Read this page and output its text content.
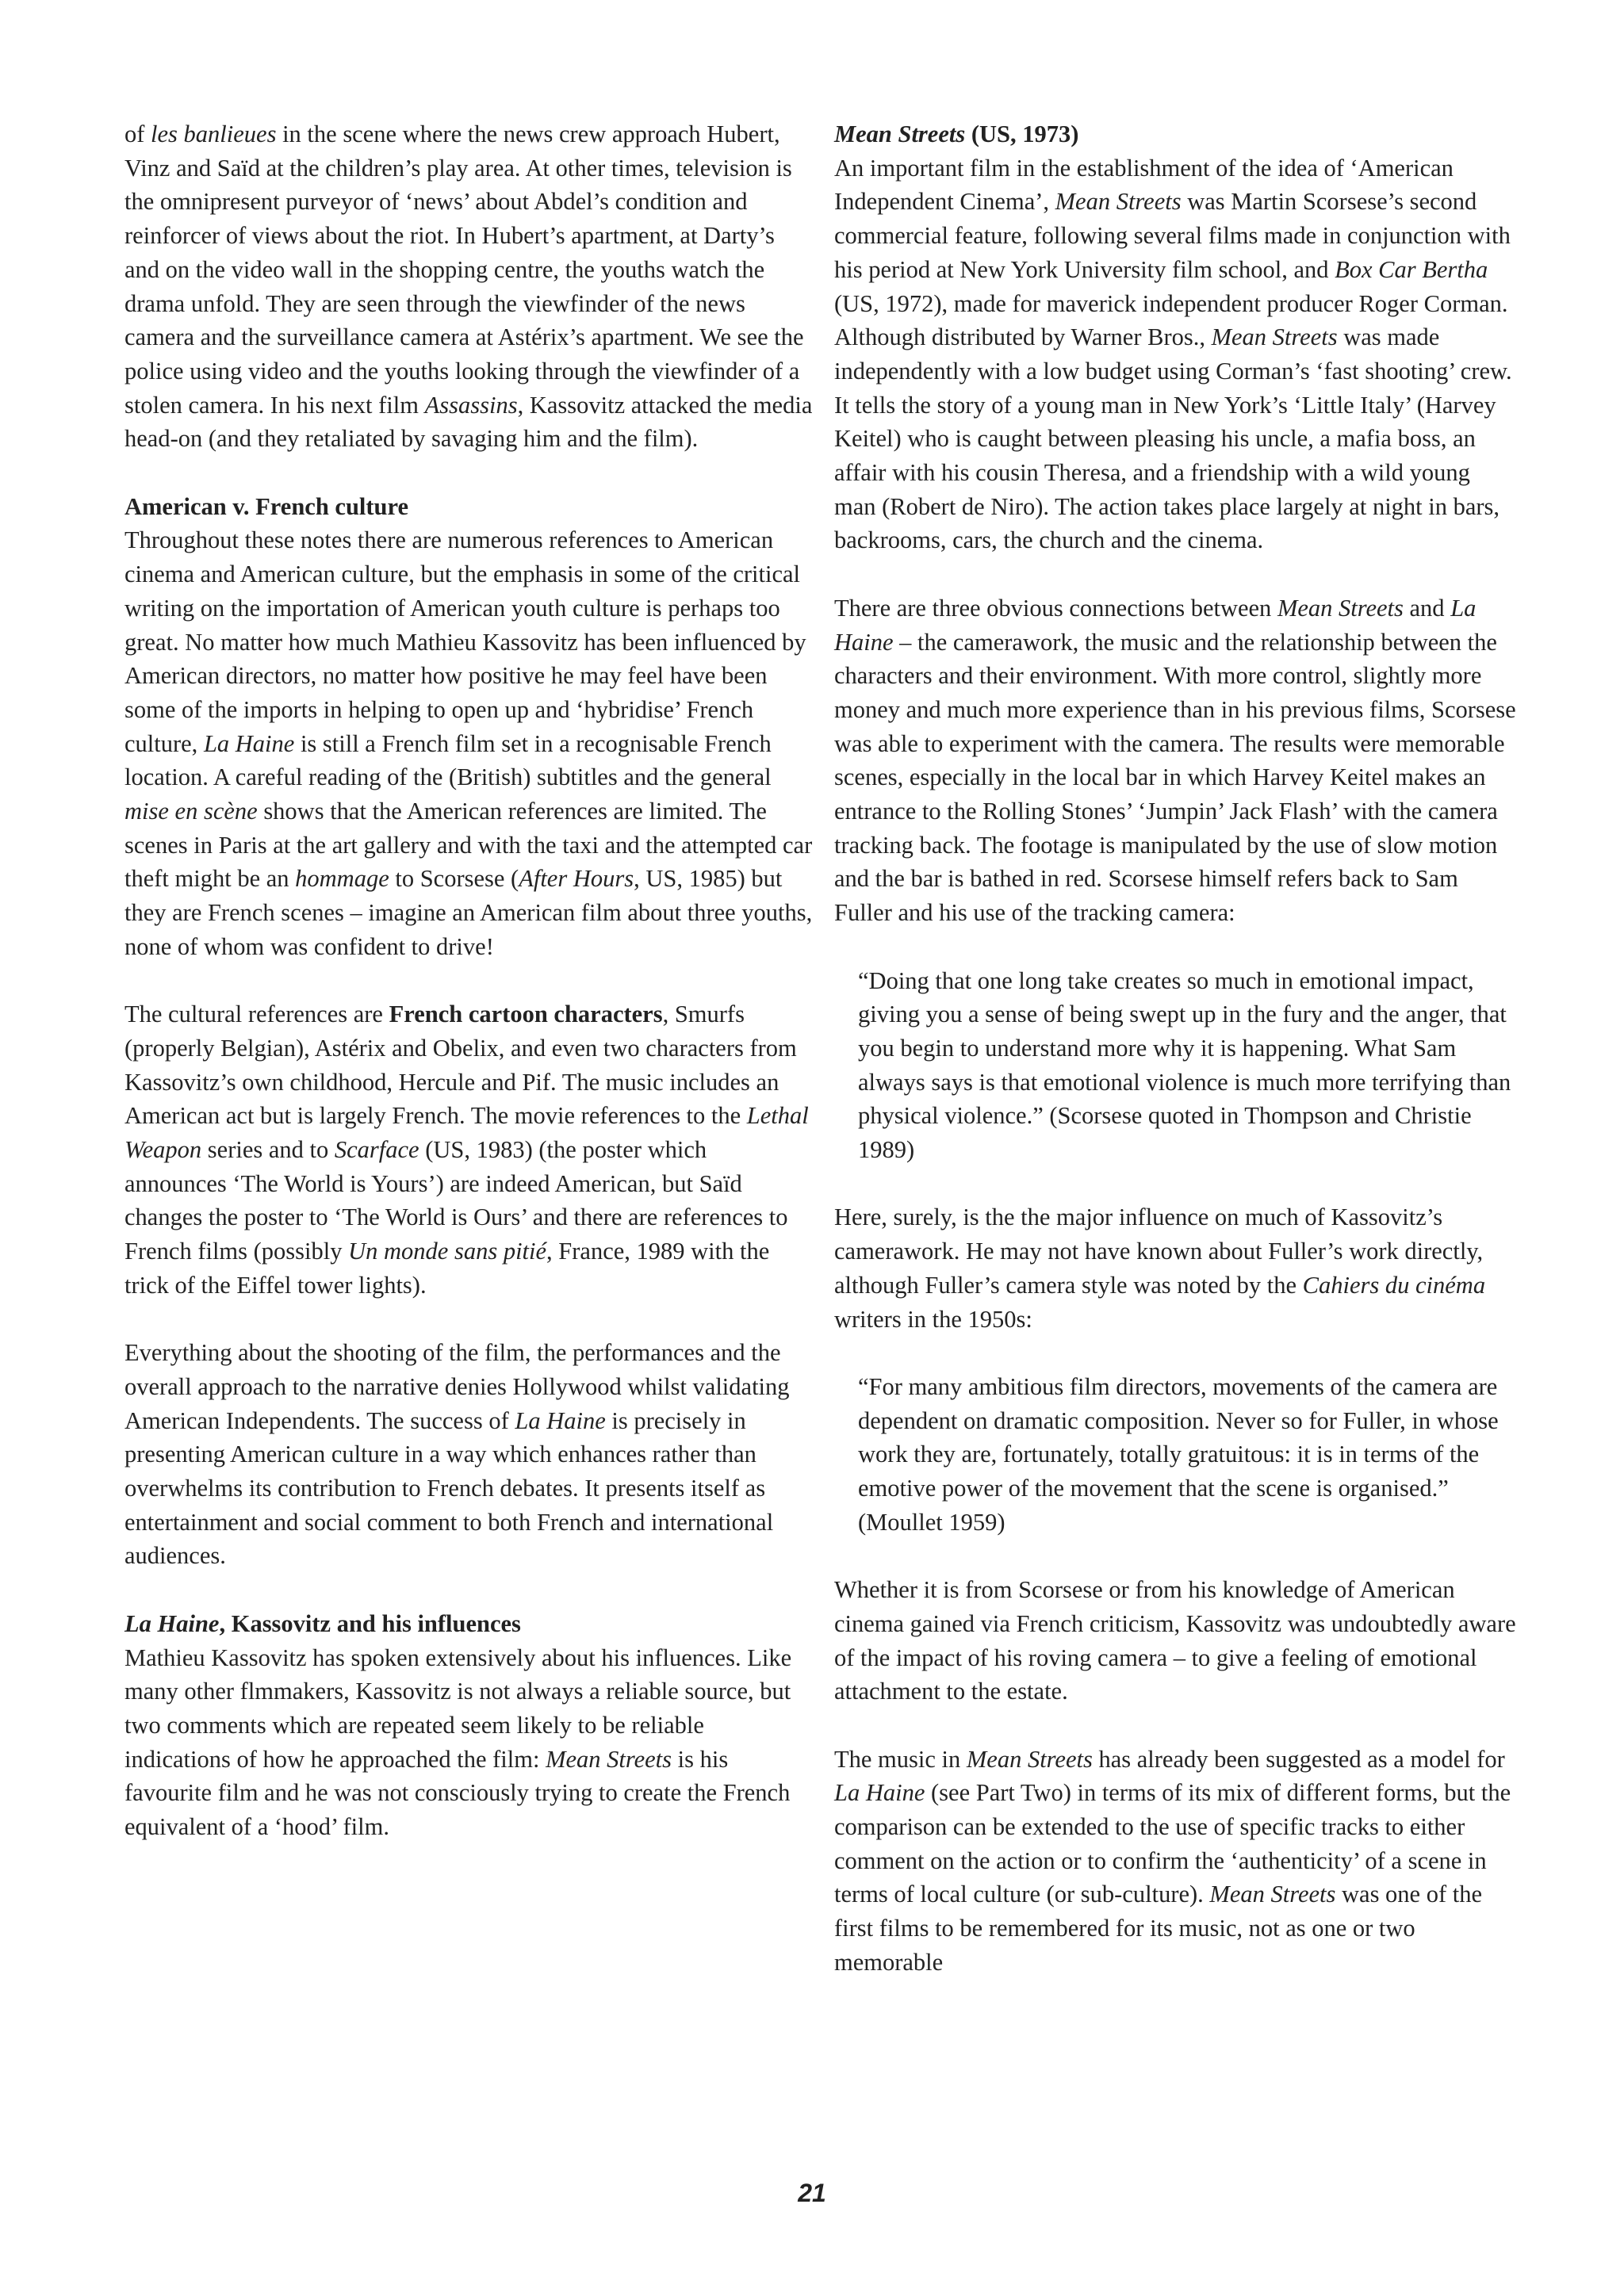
of les banlieues in the scene where the news crew approach Hubert, Vinz and Saïd at the children’s play area. At other times, television is the omnipresent purveyor of ‘news’ about Abdel’s condition and reinforcer of views about the riot. In Hubert’s apartment, at Darty’s and on the video wall in the shopping centre, the youths watch the drama unfold. They are seen through the viewfinder of the news camera and the surveillance camera at Astérix’s apartment. We see the police using video and the youths looking through the viewfinder of a stolen camera. In his next film Assassins, Kassovitz attacked the media head-on (and they retaliated by savaging him and the film).

American v. French culture

Throughout these notes there are numerous references to American cinema and American culture, but the emphasis in some of the critical writing on the importation of American youth culture is perhaps too great. No matter how much Mathieu Kassovitz has been influenced by American directors, no matter how positive he may feel have been some of the imports in helping to open up and ‘hybridise’ French culture, La Haine is still a French film set in a recognisable French location. A careful reading of the (British) subtitles and the general mise en scène shows that the American references are limited. The scenes in Paris at the art gallery and with the taxi and the attempted car theft might be an hommage to Scorsese (After Hours, US, 1985) but they are French scenes – imagine an American film about three youths, none of whom was confident to drive!

The cultural references are French cartoon characters, Smurfs (properly Belgian), Astérix and Obelix, and even two characters from Kassovitz’s own childhood, Hercule and Pif. The music includes an American act but is largely French. The movie references to the Lethal Weapon series and to Scarface (US, 1983) (the poster which announces ‘The World is Yours’) are indeed American, but Saïd changes the poster to ‘The World is Ours’ and there are references to French films (possibly Un monde sans pitié, France, 1989 with the trick of the Eiffel tower lights).

Everything about the shooting of the film, the performances and the overall approach to the narrative denies Hollywood whilst validating American Independents. The success of La Haine is precisely in presenting American culture in a way which enhances rather than overwhelms its contribution to French debates. It presents itself as entertainment and social comment to both French and international audiences.

La Haine, Kassovitz and his influences

Mathieu Kassovitz has spoken extensively about his influences. Like many other flmmakers, Kassovitz is not always a reliable source, but two comments which are repeated seem likely to be reliable indications of how he approached the film: Mean Streets is his favourite film and he was not consciously trying to create the French equivalent of a ‘hood’ film.

Mean Streets (US, 1973)

An important film in the establishment of the idea of ‘American Independent Cinema’, Mean Streets was Martin Scorsese’s second commercial feature, following several films made in conjunction with his period at New York University film school, and Box Car Bertha (US, 1972), made for maverick independent producer Roger Corman. Although distributed by Warner Bros., Mean Streets was made independently with a low budget using Corman’s ‘fast shooting’ crew. It tells the story of a young man in New York’s ‘Little Italy’ (Harvey Keitel) who is caught between pleasing his uncle, a mafia boss, an affair with his cousin Theresa, and a friendship with a wild young man (Robert de Niro). The action takes place largely at night in bars, backrooms, cars, the church and the cinema.

There are three obvious connections between Mean Streets and La Haine – the camerawork, the music and the relationship between the characters and their environment. With more control, slightly more money and much more experience than in his previous films, Scorsese was able to experiment with the camera. The results were memorable scenes, especially in the local bar in which Harvey Keitel makes an entrance to the Rolling Stones’ ‘Jumpin’ Jack Flash’ with the camera tracking back. The footage is manipulated by the use of slow motion and the bar is bathed in red. Scorsese himself refers back to Sam Fuller and his use of the tracking camera:

“Doing that one long take creates so much in emotional impact, giving you a sense of being swept up in the fury and the anger, that you begin to understand more why it is happening. What Sam always says is that emotional violence is much more terrifying than physical violence.” (Scorsese quoted in Thompson and Christie 1989)

Here, surely, is the the major influence on much of Kassovitz’s camerawork. He may not have known about Fuller’s work directly, although Fuller’s camera style was noted by the Cahiers du cinéma writers in the 1950s:

“For many ambitious film directors, movements of the camera are dependent on dramatic composition. Never so for Fuller, in whose work they are, fortunately, totally gratuitous: it is in terms of the emotive power of the movement that the scene is organised.” (Moullet 1959)

Whether it is from Scorsese or from his knowledge of American cinema gained via French criticism, Kassovitz was undoubtedly aware of the impact of his roving camera – to give a feeling of emotional attachment to the estate.

The music in Mean Streets has already been suggested as a model for La Haine (see Part Two) in terms of its mix of different forms, but the comparison can be extended to the use of specific tracks to either comment on the action or to confirm the ‘authenticity’ of a scene in terms of local culture (or sub-culture). Mean Streets was one of the first films to be remembered for its music, not as one or two memorable

21
